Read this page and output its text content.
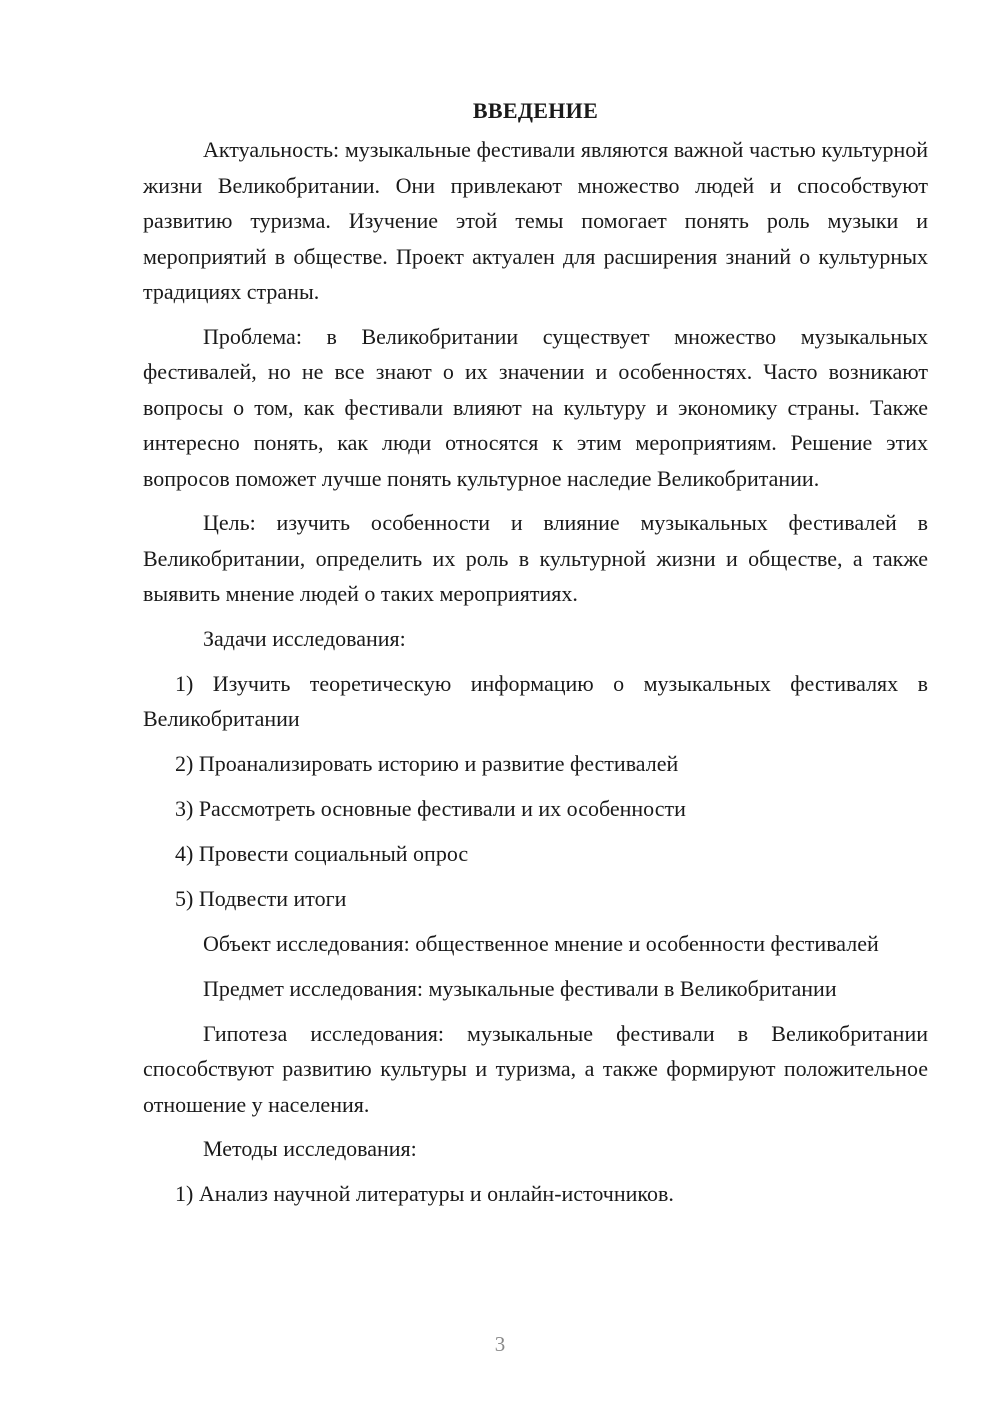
ВВЕДЕНИЕ

Актуальность: музыкальные фестивали являются важной частью культурной жизни Великобритании. Они привлекают множество людей и способствуют развитию туризма. Изучение этой темы помогает понять роль музыки и мероприятий в обществе. Проект актуален для расширения знаний о культурных традициях страны.

Проблема: в Великобритании существует множество музыкальных фестивалей, но не все знают о их значении и особенностях. Часто возникают вопросы о том, как фестивали влияют на культуру и экономику страны. Также интересно понять, как люди относятся к этим мероприятиям. Решение этих вопросов поможет лучше понять культурное наследие Великобритании.

Цель: изучить особенности и влияние музыкальных фестивалей в Великобритании, определить их роль в культурной жизни и обществе, а также выявить мнение людей о таких мероприятиях.

Задачи исследования:

1) Изучить теоретическую информацию о музыкальных фестивалях в Великобритании

2) Проанализировать историю и развитие фестивалей

3) Рассмотреть основные фестивали и их особенности

4) Провести социальный опрос

5) Подвести итоги

Объект исследования: общественное мнение и особенности фестивалей

Предмет исследования: музыкальные фестивали в Великобритании

Гипотеза исследования: музыкальные фестивали в Великобритании способствуют развитию культуры и туризма, а также формируют положительное отношение у населения.

Методы исследования:

1) Анализ научной литературы и онлайн-источников.

3
